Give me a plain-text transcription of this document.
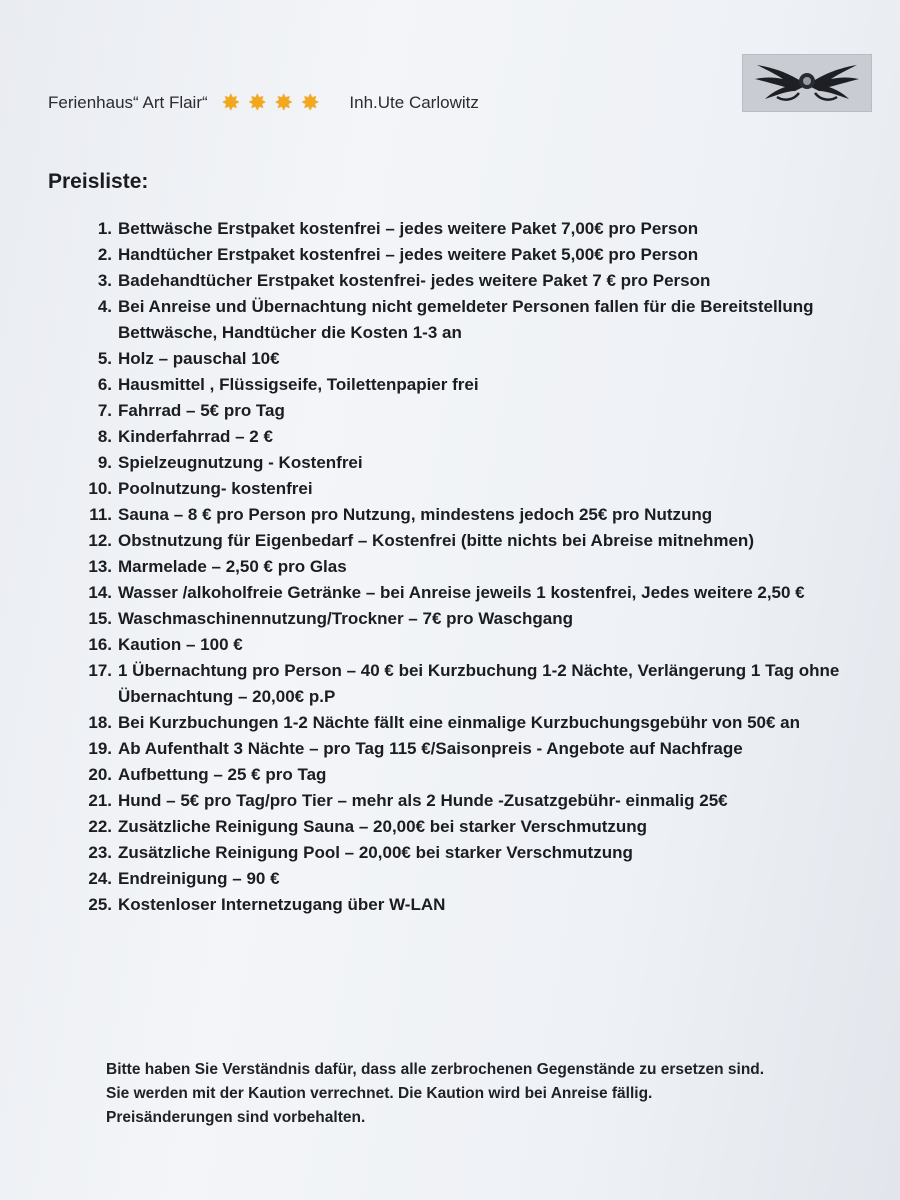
Ferienhaus“ Art Flair“ ✸ ✸ ✸ ✸ Inh.Ute Carlowitz
Preisliste:
1. Bettwäsche Erstpaket kostenfrei – jedes weitere Paket 7,00€ pro Person
2. Handtücher Erstpaket kostenfrei – jedes weitere Paket 5,00€ pro Person
3. Badehandtücher Erstpaket kostenfrei- jedes weitere Paket 7 € pro Person
4. Bei Anreise und Übernachtung nicht gemeldeter Personen fallen für die Bereitstellung Bettwäsche, Handtücher die Kosten 1-3 an
5. Holz – pauschal 10€
6. Hausmittel , Flüssigseife, Toilettenpapier frei
7. Fahrrad – 5€ pro Tag
8. Kinderfahrrad – 2 €
9. Spielzeugnutzung - Kostenfrei
10. Poolnutzung- kostenfrei
11. Sauna – 8 € pro Person pro Nutzung, mindestens jedoch 25€ pro Nutzung
12. Obstnutzung für Eigenbedarf – Kostenfrei (bitte nichts bei Abreise mitnehmen)
13. Marmelade – 2,50 € pro Glas
14. Wasser /alkoholfreie Getränke – bei Anreise jeweils 1 kostenfrei, Jedes weitere 2,50 €
15. Waschmaschinennutzung/Trockner – 7€ pro Waschgang
16. Kaution – 100 €
17. 1 Übernachtung pro Person – 40 € bei Kurzbuchung 1-2 Nächte, Verlängerung 1 Tag ohne Übernachtung – 20,00€ p.P
18. Bei Kurzbuchungen 1-2 Nächte fällt eine einmalige Kurzbuchungsgebühr von 50€ an
19. Ab Aufenthalt 3 Nächte – pro Tag 115 €/Saisonpreis - Angebote auf Nachfrage
20. Aufbettung – 25 € pro Tag
21. Hund – 5€ pro Tag/pro Tier – mehr als 2 Hunde -Zusatzgebühr- einmalig 25€
22. Zusätzliche Reinigung Sauna – 20,00€ bei starker Verschmutzung
23. Zusätzliche Reinigung Pool – 20,00€ bei starker Verschmutzung
24. Endreinigung – 90 €
25. Kostenloser Internetzugang über W-LAN

Bitte haben Sie Verständnis dafür, dass alle zerbrochenen Gegenstände zu ersetzen sind.

Sie werden mit der Kaution verrechnet. Die Kaution wird bei Anreise fällig.

Preisänderungen sind vorbehalten.
